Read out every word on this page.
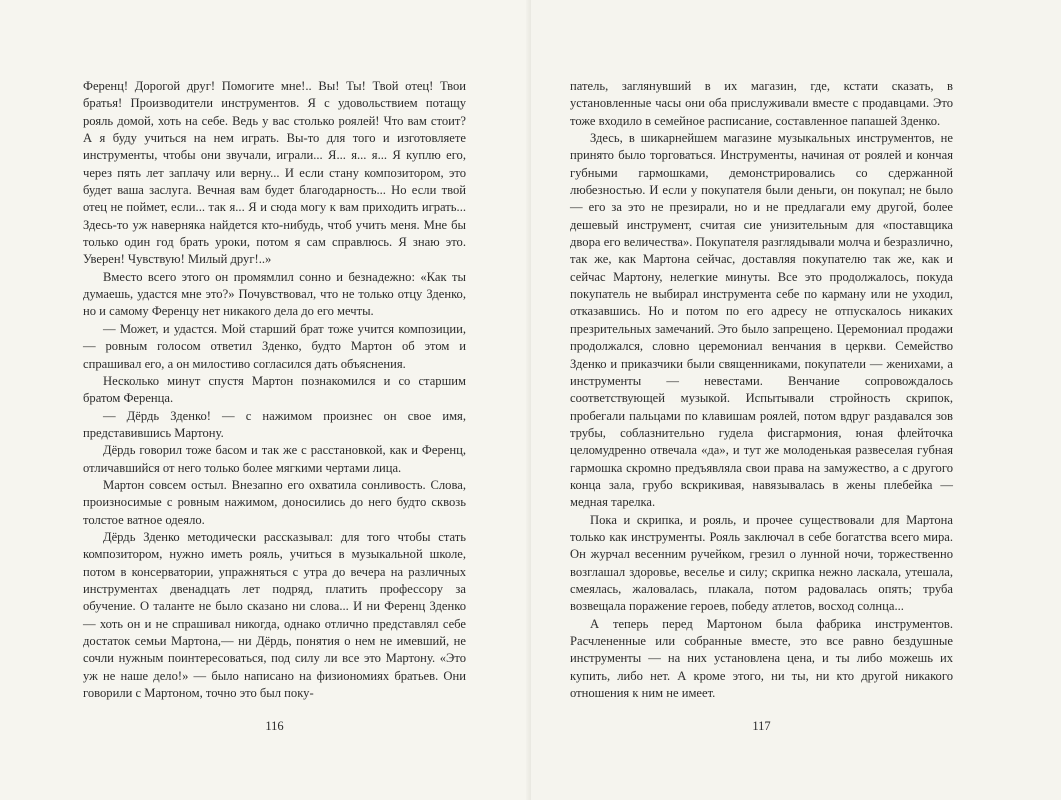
Ференц! Дорогой друг! Помогите мне!.. Вы! Ты! Твой отец! Твои братья! Производители инструментов. Я с удовольствием потащу рояль домой, хоть на себе. Ведь у вас столько роялей! Что вам стоит? А я буду учиться на нем играть. Вы-то для того и изготовляете инструменты, чтобы они звучали, играли... Я... я... я... Я куплю его, через пять лет заплачу или верну... И если стану композитором, это будет ваша заслуга. Вечная вам будет благодарность... Но если твой отец не поймет, если... так я... Я и сюда могу к вам приходить играть... Здесь-то уж наверняка найдется кто-нибудь, чтоб учить меня. Мне бы только один год брать уроки, потом я сам справлюсь. Я знаю это. Уверен! Чувствую! Милый друг!..»

Вместо всего этого он промямлил сонно и безнадежно: «Как ты думаешь, удастся мне это?» Почувствовал, что не только отцу Зденко, но и самому Ференцу нет никакого дела до его мечты.

— Может, и удастся. Мой старший брат тоже учится композиции,— ровным голосом ответил Зденко, будто Мартон об этом и спрашивал его, а он милостиво согласился дать объяснения.

Несколько минут спустя Мартон познакомился и со старшим братом Ференца.

— Дёрдь Зденко! — с нажимом произнес он свое имя, представившись Мартону.

Дёрдь говорил тоже басом и так же с расстановкой, как и Ференц, отличавшийся от него только более мягкими чертами лица.

Мартон совсем остыл. Внезапно его охватила сонливость. Слова, произносимые с ровным нажимом, доносились до него будто сквозь толстое ватное одеяло.

Дёрдь Зденко методически рассказывал: для того чтобы стать композитором, нужно иметь рояль, учиться в музыкальной школе, потом в консерватории, упражняться с утра до вечера на различных инструментах двенадцать лет подряд, платить профессору за обучение. О таланте не было сказано ни слова... И ни Ференц Зденко — хоть он и не спрашивал никогда, однако отлично представлял себе достаток семьи Мартона,— ни Дёрдь, понятия о нем не имевший, не сочли нужным поинтересоваться, под силу ли все это Мартону. «Это уж не наше дело!» — было написано на физиономиях братьев. Они говорили с Мартоном, точно это был поку-

116

патель, заглянувший в их магазин, где, кстати сказать, в установленные часы они оба прислуживали вместе с продавцами. Это тоже входило в семейное расписание, составленное папашей Зденко.

Здесь, в шикарнейшем магазине музыкальных инструментов, не принято было торговаться. Инструменты, начиная от роялей и кончая губными гармошками, демонстрировались со сдержанной любезностью. И если у покупателя были деньги, он покупал; не было — его за это не презирали, но и не предлагали ему другой, более дешевый инструмент, считая сие унизительным для «поставщика двора его величества». Покупателя разглядывали молча и безразлично, так же, как Мартона сейчас, доставляя покупателю так же, как и сейчас Мартону, нелегкие минуты. Все это продолжалось, покуда покупатель не выбирал инструмента себе по карману или не уходил, отказавшись. Но и потом по его адресу не отпускалось никаких презрительных замечаний. Это было запрещено. Церемониал продажи продолжался, словно церемониал венчания в церкви. Семейство Зденко и приказчики были священниками, покупатели — женихами, а инструменты — невестами. Венчание сопровождалось соответствующей музыкой. Испытывали стройность скрипок, пробегали пальцами по клавишам роялей, потом вдруг раздавался зов трубы, соблазнительно гудела фисгармония, юная флейточка целомудренно отвечала «да», и тут же молоденькая развеселая губная гармошка скромно предъявляла свои права на замужество, а с другого конца зала, грубо вскрикивая, навязывалась в жены плебейка — медная тарелка.

Пока и скрипка, и рояль, и прочее существовали для Мартона только как инструменты. Рояль заключал в себе богатства всего мира. Он журчал весенним ручейком, грезил о лунной ночи, торжественно возглашал здоровье, веселье и силу; скрипка нежно ласкала, утешала, смеялась, жаловалась, плакала, потом радовалась опять; труба возвещала поражение героев, победу атлетов, восход солнца...

А теперь перед Мартоном была фабрика инструментов. Расчлененные или собранные вместе, это все равно бездушные инструменты — на них установлена цена, и ты либо можешь их купить, либо нет. А кроме этого, ни ты, ни кто другой никакого отношения к ним не имеет.

117
